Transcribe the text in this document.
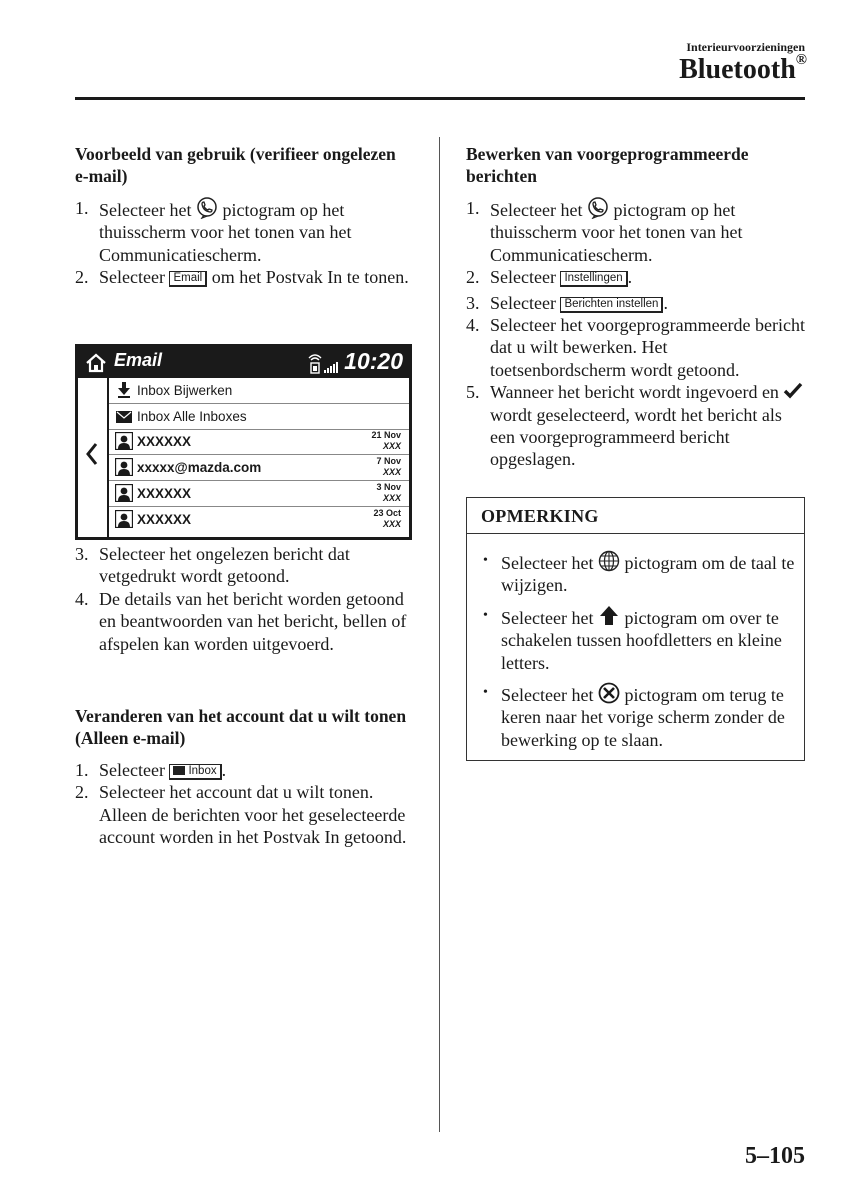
Interieurvoorzieningen
Bluetooth®
Voorbeeld van gebruik (verifieer ongelezen e-mail)
1. Selecteer het pictogram op het thuisscherm voor het tonen van het Communicatiescherm.
2. Selecteer Email om het Postvak In te tonen.
Email	10:20
Inbox Bijwerken
Inbox Alle Inboxes
XXXXXX	21 Nov
XXX
xxxxx@mazda.com	7 Nov
XXX
XXXXXX	3 Nov
XXX
XXXXXX	23 Oct
XXX
3. Selecteer het ongelezen bericht dat vetgedrukt wordt getoond.
4. De details van het bericht worden getoond en beantwoorden van het bericht, bellen of afspelen kan worden uitgevoerd.
Veranderen van het account dat u wilt tonen (Alleen e-mail)
1. Selecteer Inbox .
2. Selecteer het account dat u wilt tonen. Alleen de berichten voor het geselecteerde account worden in het Postvak In getoond.
Bewerken van voorgeprogrammeerde berichten
1. Selecteer het pictogram op het thuisscherm voor het tonen van het Communicatiescherm.
2. Selecteer Instellingen .
3. Selecteer Berichten instellen .
4. Selecteer het voorgeprogrammeerde bericht dat u wilt bewerken. Het toetsenbordscherm wordt getoond.
5. Wanneer het bericht wordt ingevoerd en  wordt geselecteerd, wordt het bericht als een voorgeprogrammeerd bericht opgeslagen.
OPMERKING
• Selecteer het pictogram om de taal te wijzigen.
• Selecteer het pictogram om over te schakelen tussen hoofdletters en kleine letters.
• Selecteer het pictogram om terug te keren naar het vorige scherm zonder de bewerking op te slaan.
5–105
